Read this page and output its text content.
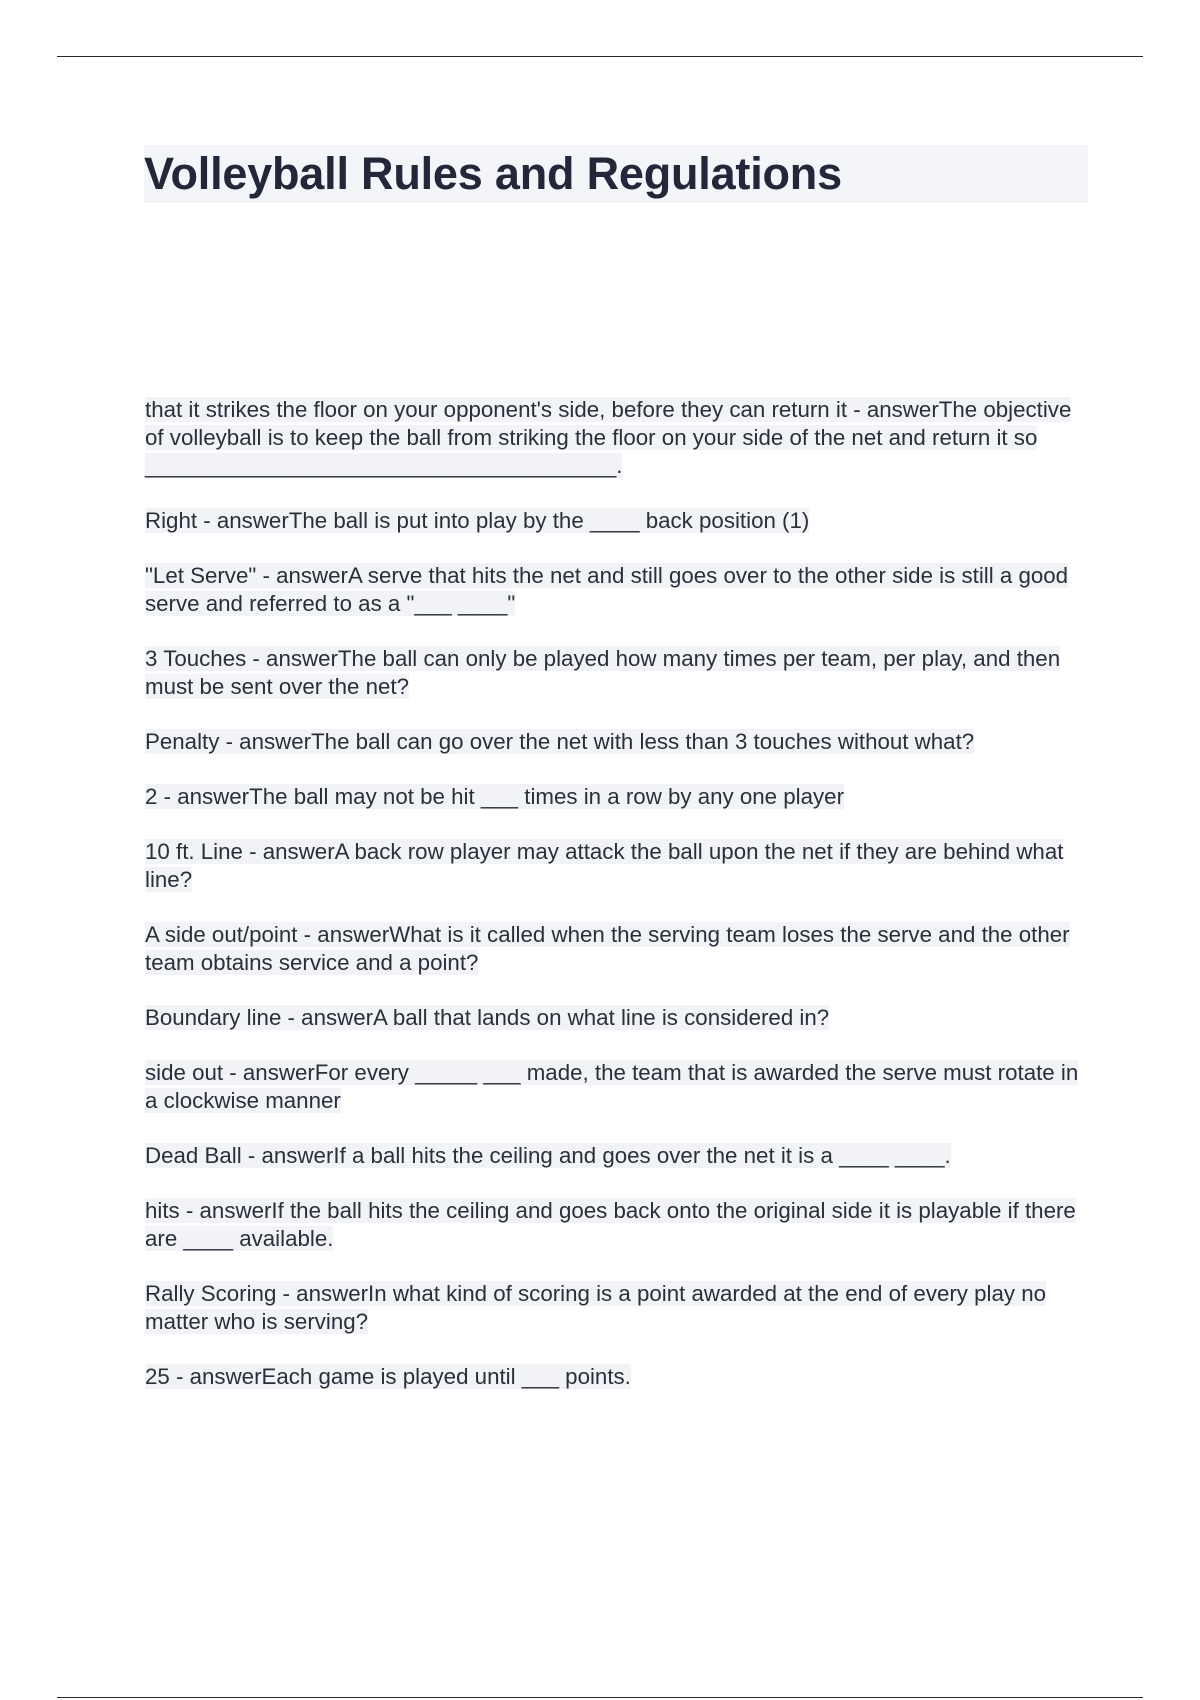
Volleyball Rules and Regulations

that it strikes the floor on your opponent's side, before they can return it - answerThe objective of volleyball is to keep the ball from striking the floor on your side of the net and return it so ______________________________________.

Right - answerThe ball is put into play by the ____ back position (1)

"Let Serve" - answerA serve that hits the net and still goes over to the other side is still a good serve and referred to as a "___ ____"

3 Touches - answerThe ball can only be played how many times per team, per play, and then must be sent over the net?

Penalty - answerThe ball can go over the net with less than 3 touches without what?

2 - answerThe ball may not be hit ___ times in a row by any one player

10 ft. Line - answerA back row player may attack the ball upon the net if they are behind what line?

A side out/point - answerWhat is it called when the serving team loses the serve and the other team obtains service and a point?

Boundary line - answerA ball that lands on what line is considered in?

side out - answerFor every _____ ___ made, the team that is awarded the serve must rotate in a clockwise manner

Dead Ball - answerIf a ball hits the ceiling and goes over the net it is a ____ ____.

hits - answerIf the ball hits the ceiling and goes back onto the original side it is playable if there are ____ available.

Rally Scoring - answerIn what kind of scoring is a point awarded at the end of every play no matter who is serving?

25 - answerEach game is played until ___ points.
